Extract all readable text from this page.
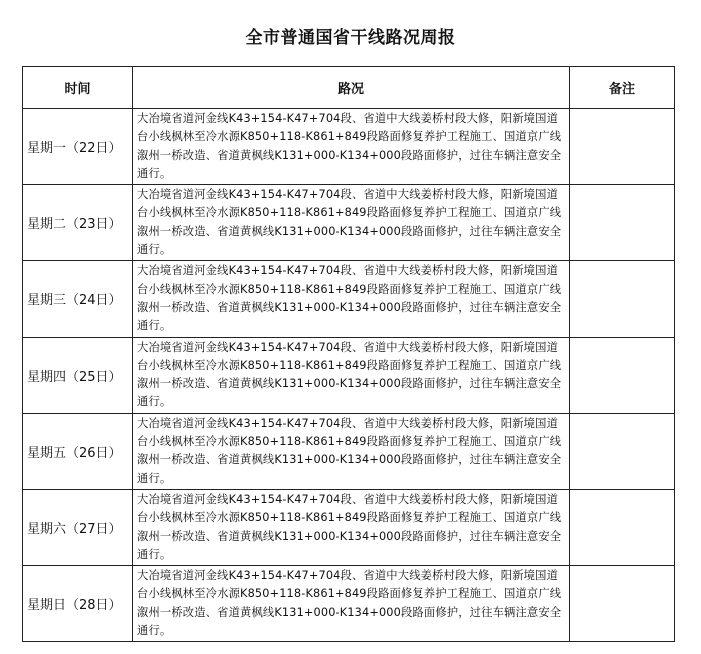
全市普通国省干线路况周报
时间	路况	备注
星期一（22日）	大冶境省道河金线K43+154-K47+704段、省道中大线姜桥村段大修，阳新境国道台小线枫林至冷水源K850+118-K861+849段路面修复养护工程施工、国道京广线溆州一桥改造、省道黄枫线K131+000-K134+000段路面修护，过往车辆注意安全通行。	
星期二（23日）	大冶境省道河金线K43+154-K47+704段、省道中大线姜桥村段大修，阳新境国道台小线枫林至冷水源K850+118-K861+849段路面修复养护工程施工、国道京广线溆州一桥改造、省道黄枫线K131+000-K134+000段路面修护，过往车辆注意安全通行。	
星期三（24日）	大冶境省道河金线K43+154-K47+704段、省道中大线姜桥村段大修，阳新境国道台小线枫林至冷水源K850+118-K861+849段路面修复养护工程施工、国道京广线溆州一桥改造、省道黄枫线K131+000-K134+000段路面修护，过往车辆注意安全通行。	
星期四（25日）	大冶境省道河金线K43+154-K47+704段、省道中大线姜桥村段大修，阳新境国道台小线枫林至冷水源K850+118-K861+849段路面修复养护工程施工、国道京广线溆州一桥改造、省道黄枫线K131+000-K134+000段路面修护，过往车辆注意安全通行。	
星期五（26日）	大冶境省道河金线K43+154-K47+704段、省道中大线姜桥村段大修，阳新境国道台小线枫林至冷水源K850+118-K861+849段路面修复养护工程施工、国道京广线溆州一桥改造、省道黄枫线K131+000-K134+000段路面修护，过往车辆注意安全通行。	
星期六（27日）	大冶境省道河金线K43+154-K47+704段、省道中大线姜桥村段大修，阳新境国道台小线枫林至冷水源K850+118-K861+849段路面修复养护工程施工、国道京广线溆州一桥改造、省道黄枫线K131+000-K134+000段路面修护，过往车辆注意安全通行。	
星期日（28日）	大冶境省道河金线K43+154-K47+704段、省道中大线姜桥村段大修，阳新境国道台小线枫林至冷水源K850+118-K861+849段路面修复养护工程施工、国道京广线溆州一桥改造、省道黄枫线K131+000-K134+000段路面修护，过往车辆注意安全通行。	
